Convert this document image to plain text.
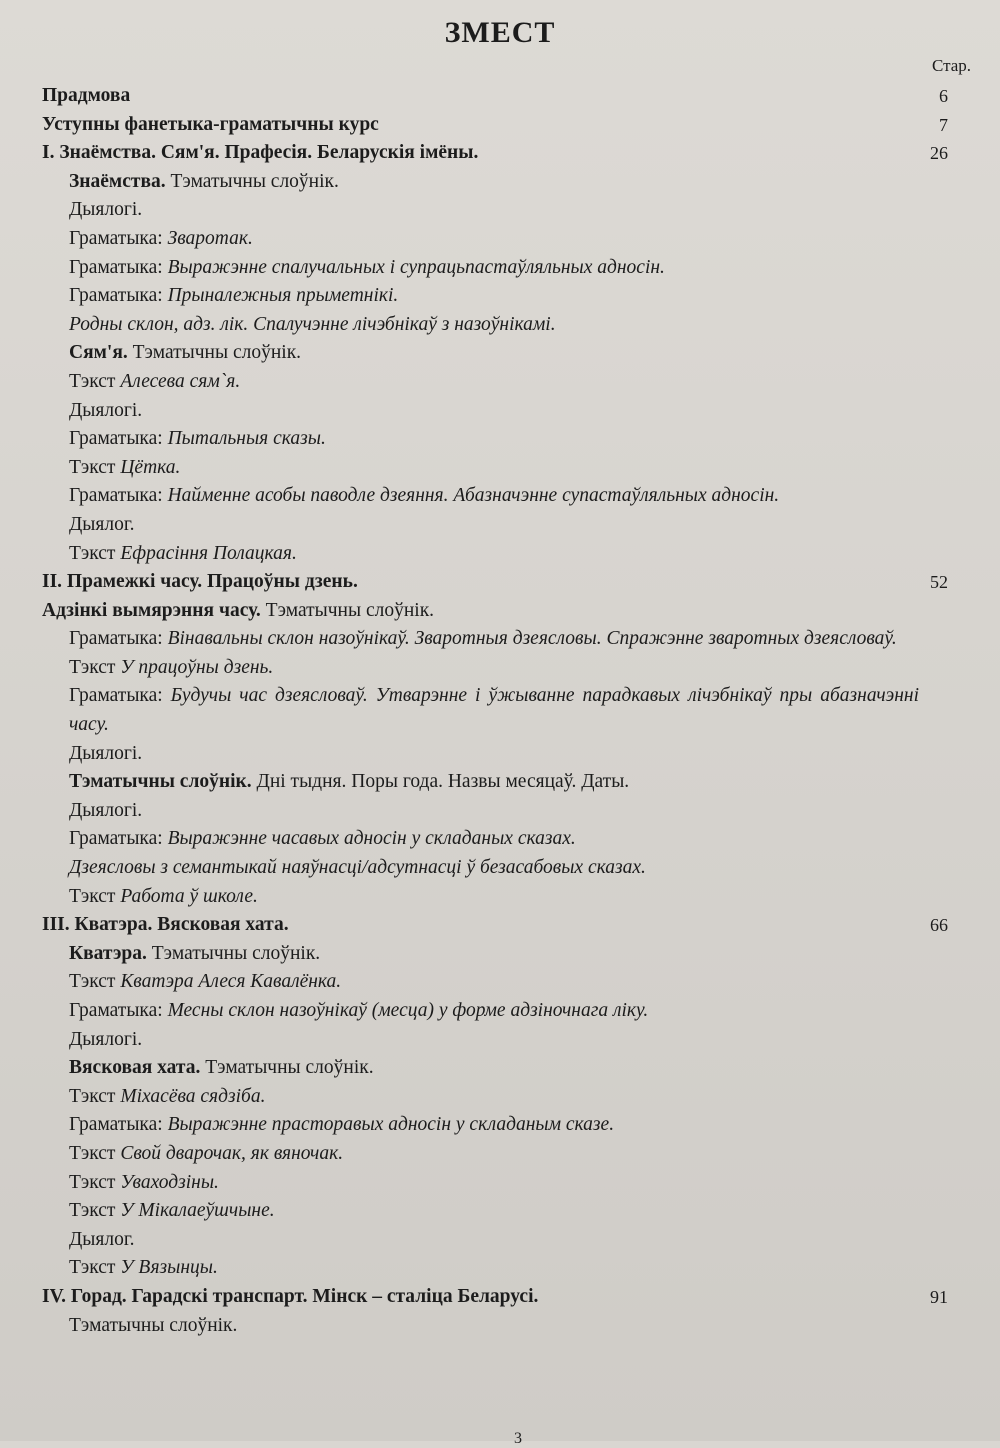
ЗМЕСТ
Стар.
Прадмова	6
Уступны фанетыка-граматычны курс	7
I. Знаёмства. Сям'я. Прафесія. Беларускія імёны.	26
Знаёмства. Тэматычны слоўнік.
Дыялогі.
Граматыка: Зваротак.
Граматыка: Выражэнне спалучальных і супрацьпастаўляльных адносін.
Граматыка: Прыналежныя прыметнікі.
Родны склон, адз. лік. Спалучэнне лічэбнікаў з назоўнікамі.
Сям'я. Тэматычны слоўнік.
Тэкст Алесева сям`я.
Дыялогі.
Граматыка: Пытальныя сказы.
Тэкст Цётка.
Граматыка: Найменне асобы паводле дзеяння. Абазначэнне супастаўляльных адносін.
Дыялог.
Тэкст Ефрасіння Полацкая.
II. Прамежкі часу. Працоўны дзень.	52
Адзінкі вымярэння часу. Тэматычны слоўнік.
Граматыка: Вінавальны склон назоўнікаў. Зваротныя дзеясловы. Спражэнне зваротных дзеясловаў.
Тэкст У працоўны дзень.
Граматыка: Будучы час дзеясловаў. Утварэнне і ўжыванне парадкавых лічэбнікаў пры абазначэнні часу.
Дыялогі.
Тэматычны слоўнік. Дні тыдня. Поры года. Назвы месяцаў. Даты.
Дыялогі.
Граматыка: Выражэнне часавых адносін у складаных сказах.
Дзеясловы з семантыкай наяўнасці/адсутнасці ў безасабовых сказах.
Тэкст Работа ў школе.
III. Кватэра. Вясковая хата.	66
Кватэра. Тэматычны слоўнік.
Тэкст Кватэра Алеся Кавалёнка.
Граматыка: Месны склон назоўнікаў (месца) у форме адзіночнага ліку.
Дыялогі.
Вясковая хата. Тэматычны слоўнік.
Тэкст Міхасёва сядзіба.
Граматыка: Выражэнне прасторавых адносін у складаным сказе.
Тэкст Свой дварочак, як вяночак.
Тэкст Уваходзіны.
Тэкст У Мікалаеўшчыне.
Дыялог.
Тэкст У Вязынцы.
IV. Горад. Гарадскі транспарт. Мінск – сталіца Беларусі.	91
Тэматычны слоўнік.
3
